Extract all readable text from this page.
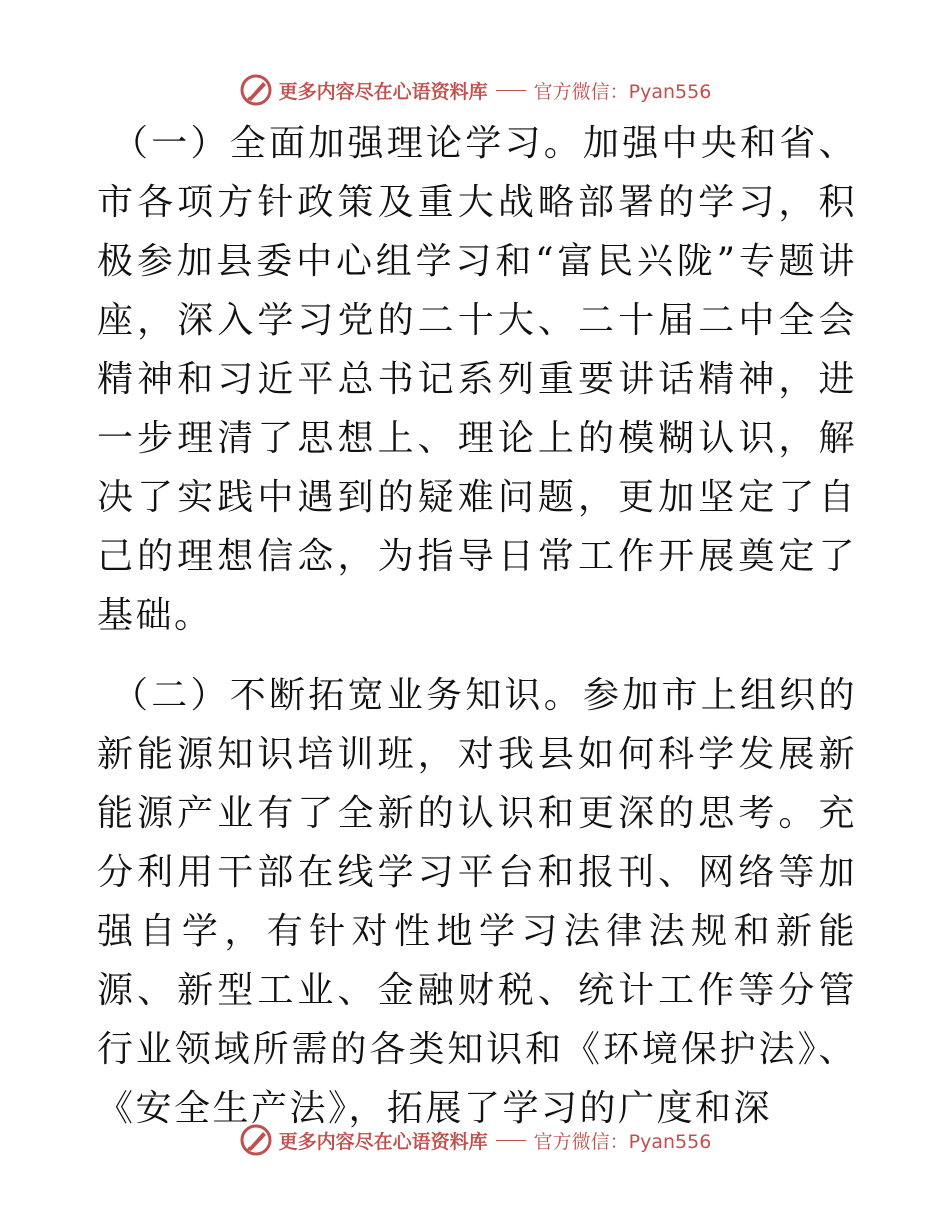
更多内容尽在心语资料库 官方微信：Pyan556

（一）全面加强理论学习。加强中央和省、市各项方针政策及重大战略部署的学习，积极参加县委中心组学习和“富民兴陇”专题讲座，深入学习党的二十大、二十届二中全会精神和习近平总书记系列重要讲话精神，进一步理清了思想上、理论上的模糊认识，解决了实践中遇到的疑难问题，更加坚定了自己的理想信念，为指导日常工作开展奠定了基础。

（二）不断拓宽业务知识。参加市上组织的新能源知识培训班，对我县如何科学发展新能源产业有了全新的认识和更深的思考。充分利用干部在线学习平台和报刊、网络等加强自学，有针对性地学习法律法规和新能源、新型工业、金融财税、统计工作等分管行业领域所需的各类知识和《环境保护法》、《安全生产法》，拓展了学习的广度和深

更多内容尽在心语资料库 官方微信：Pyan556
